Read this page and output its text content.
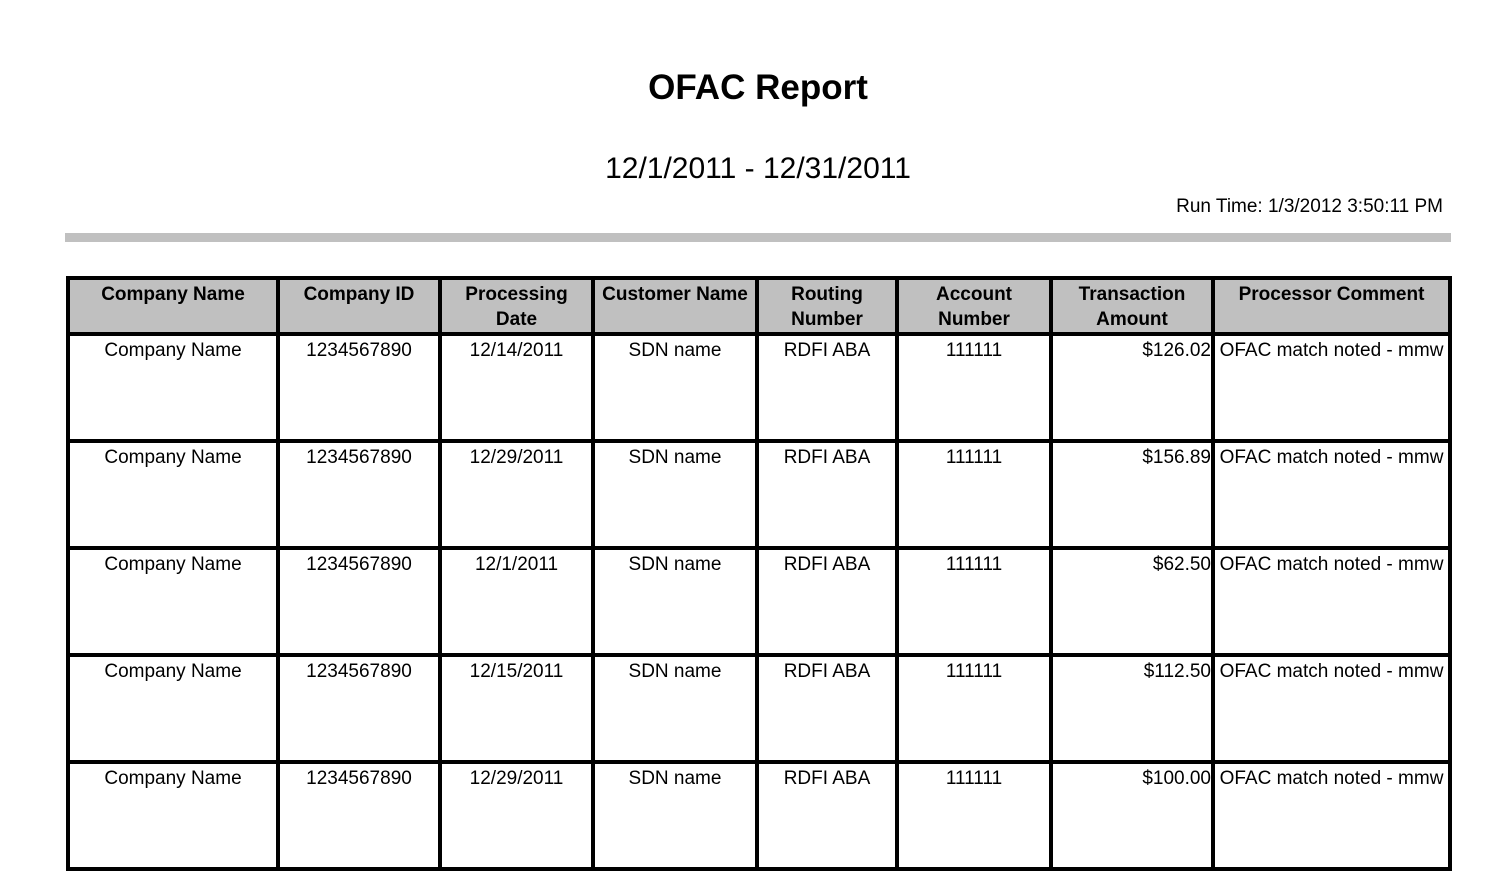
OFAC Report
12/1/2011 - 12/31/2011
Run Time: 1/3/2012 3:50:11 PM
Company Name	Company ID	Processing Date	Customer Name	Routing Number	Account Number	Transaction Amount	Processor Comment
Company Name	1234567890	12/14/2011	SDN name	RDFI ABA	111111	$126.02	OFAC match noted - mmw
Company Name	1234567890	12/29/2011	SDN name	RDFI ABA	111111	$156.89	OFAC match noted - mmw
Company Name	1234567890	12/1/2011	SDN name	RDFI ABA	111111	$62.50	OFAC match noted - mmw
Company Name	1234567890	12/15/2011	SDN name	RDFI ABA	111111	$112.50	OFAC match noted - mmw
Company Name	1234567890	12/29/2011	SDN name	RDFI ABA	111111	$100.00	OFAC match noted - mmw
